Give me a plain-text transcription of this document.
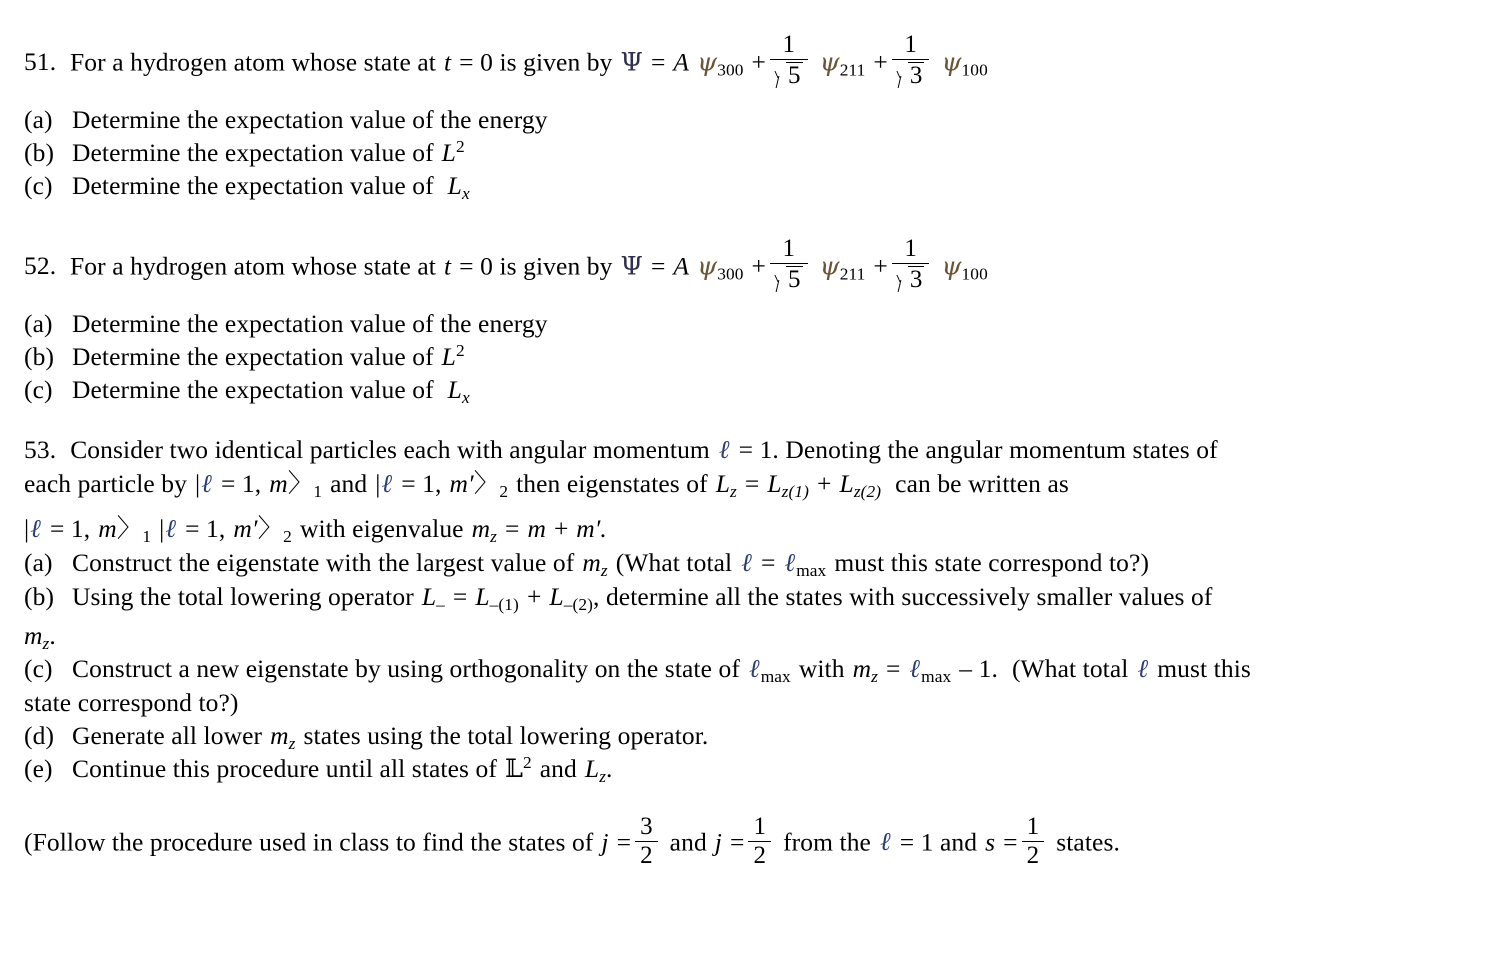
51. For a hydrogen atom whose state at t = 0 is given by Ψ = A $\psi_{300} + \frac{1}{5} \psi_{211} + \frac{1}{3} \psi_{100}$
(a) Determine the expectation value of the energy
(b) Determine the expectation value of $L^2$
(c) Determine the expectation value of $L_x$
52. For a hydrogen atom whose state at t = 0 is given by Ψ = A $\psi_{300} + \frac{1}{5} \psi_{211} + \frac{1}{3} \psi_{100}$
(a) Determine the expectation value of the energy
(b) Determine the expectation value of $L^2$
(c) Determine the expectation value of $L_x$
53. Consider two identical particles each with angular momentum ℓ = 1. Denoting the angular momentum states of
each particle by |ℓ = 1, m〉$_1$ and |ℓ = 1, m′〉$_2$ then eigenstates of $L_z = L_{z(1)} + L_{z(2)}$ can be written as
|ℓ = 1, m〉$_1$ |ℓ = 1, m′〉$_2$ with eigenvalue $m_z = m + m'$.
(a) Construct the eigenstate with the largest value of $m_z$ (What total ℓ = ℓ$_{max}$ must this state correspond to?)
(b) Using the total lowering operator $L_- = L_{-(1)} + L_{-(2)}$, determine all the states with successively smaller values of
$m_z$.
(c) Construct a new eigenstate by using orthogonality on the state of ℓ$_{max}$ with $m_z$ = ℓ$_{max}$ – 1. (What total ℓ must this
state correspond to?)
(d) Generate all lower $m_z$ states using the total lowering operator.
(e) Continue this procedure until all states of 𝕃$^2$ and $L_z$.
(Follow the procedure used in class to find the states of $j = \frac{3}{2}$ and $j = \frac{1}{2}$ from the ℓ = 1 and $s = \frac{1}{2}$ states.
